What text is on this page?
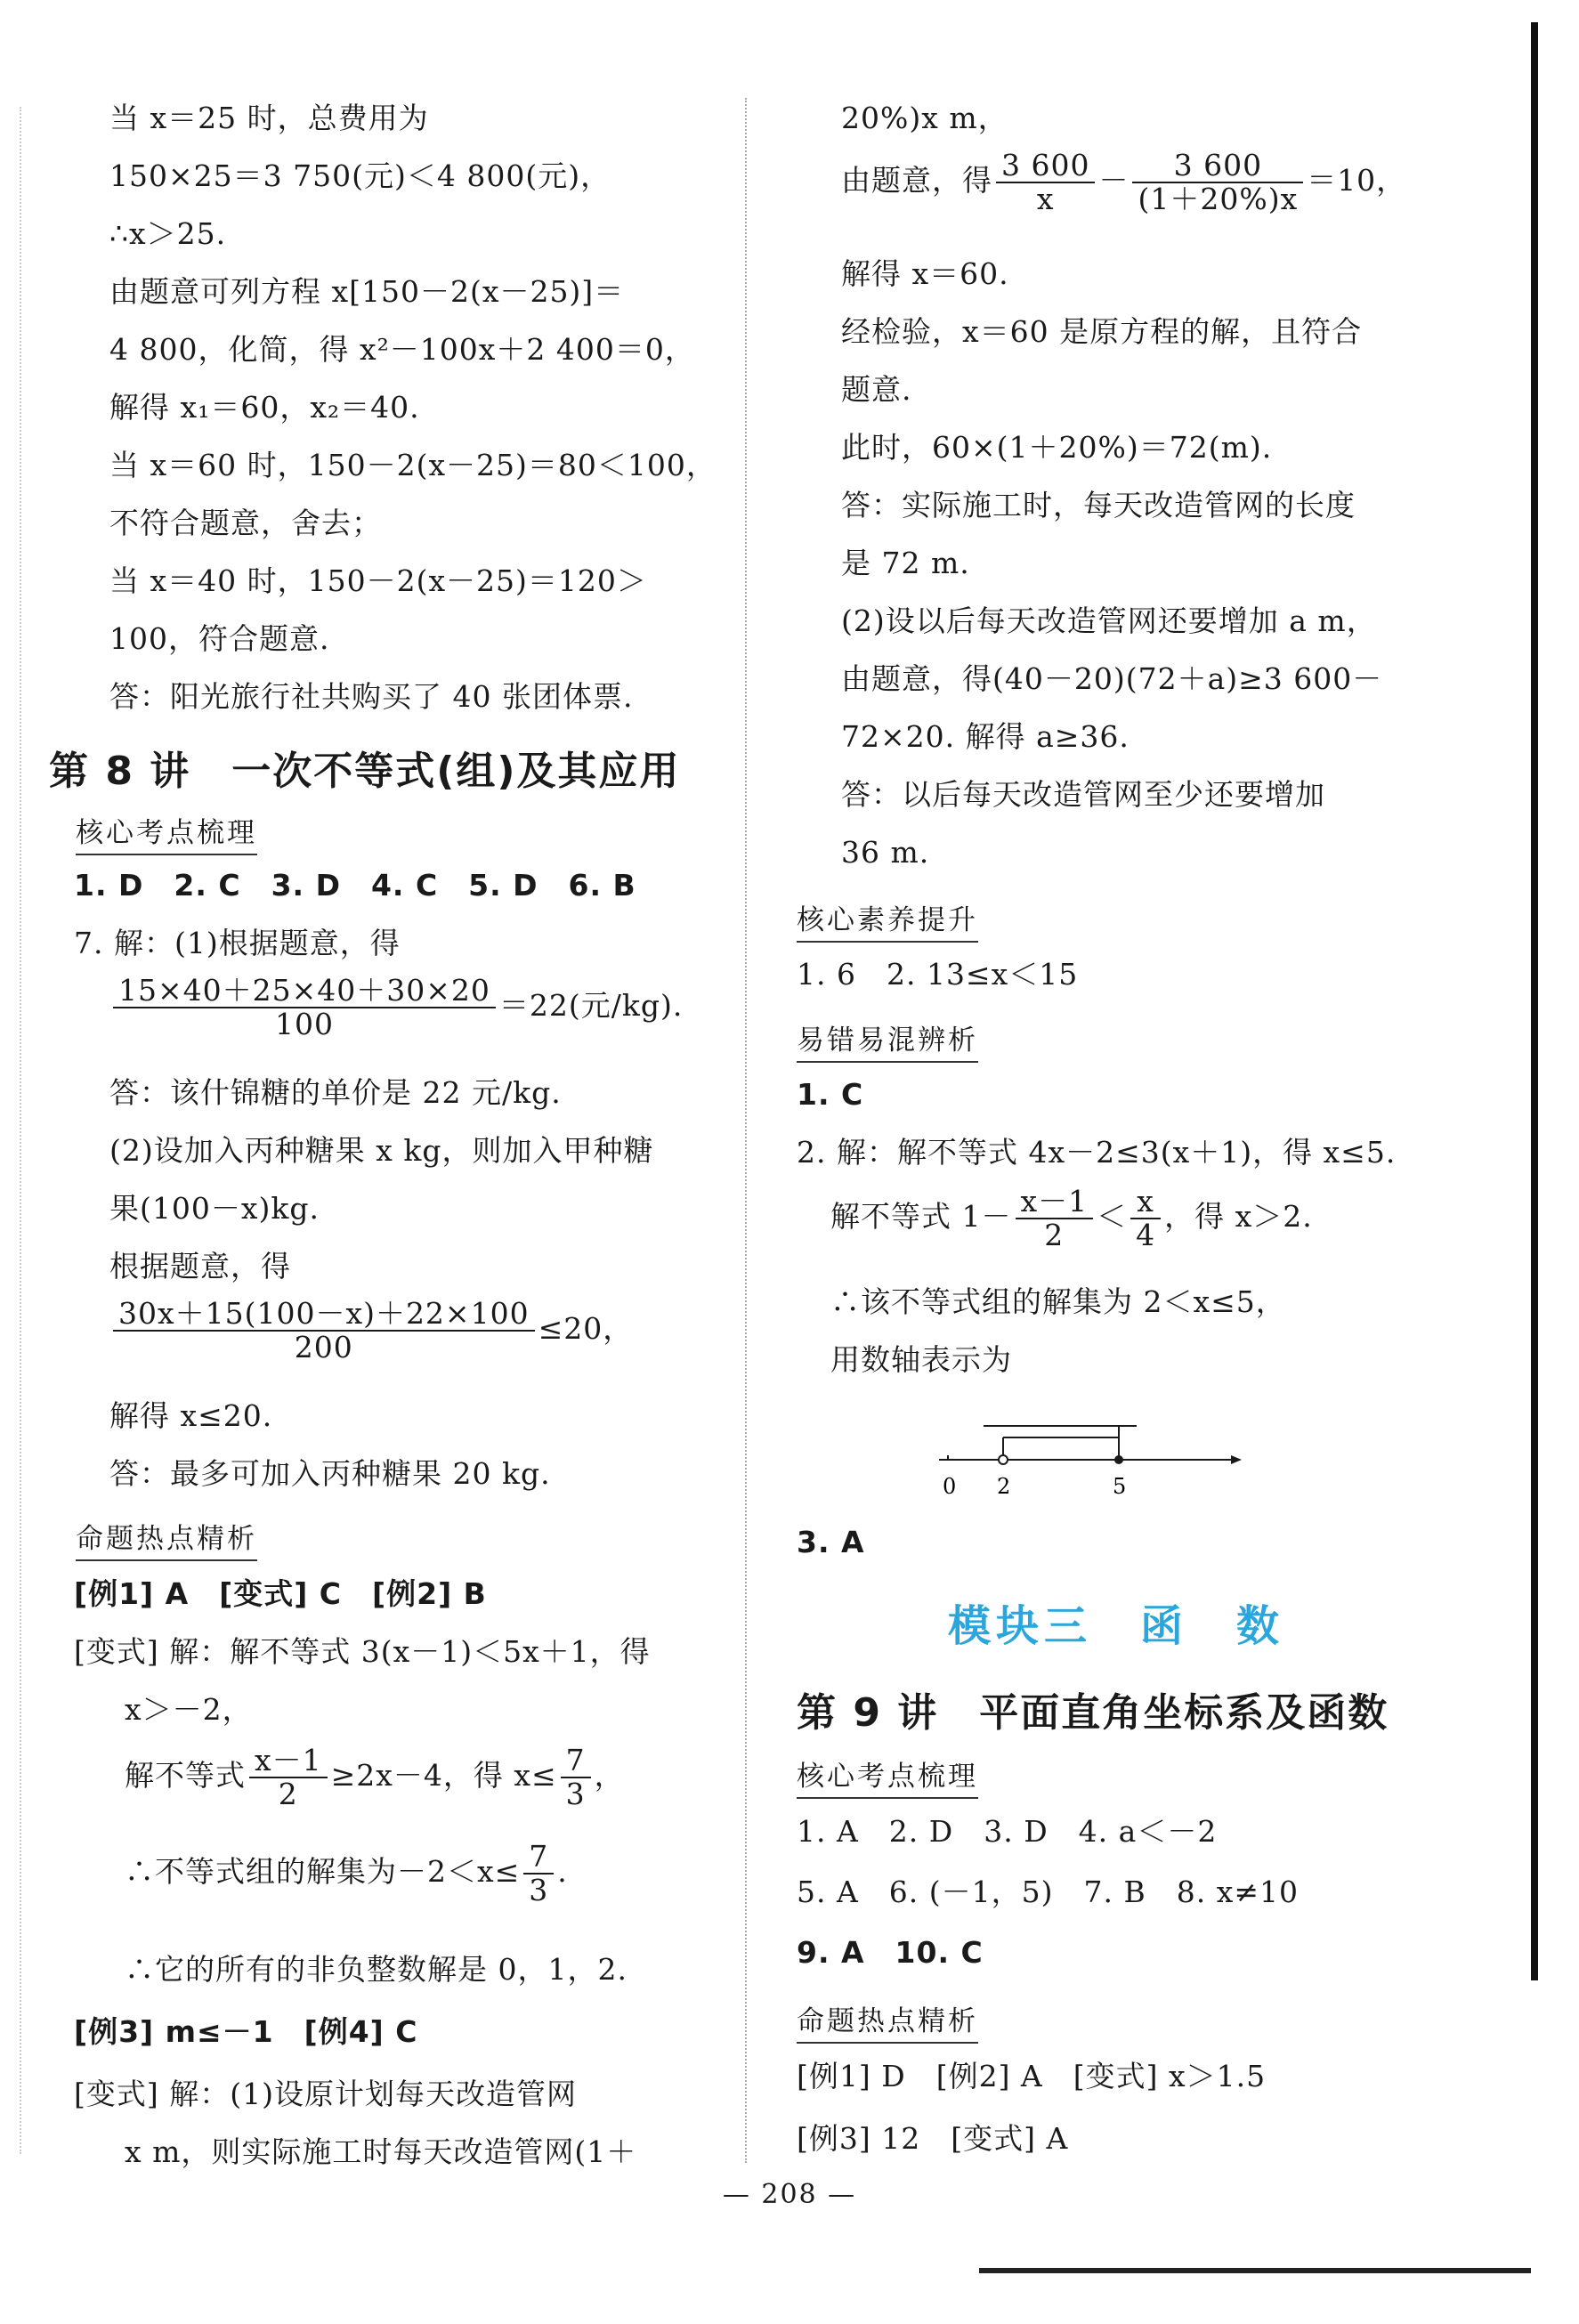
当 x＝25 时，总费用为
150×25＝3 750(元)＜4 800(元)，
∴x＞25.
由题意可列方程 x[150－2(x－25)]＝
4 800，化简，得 x²－100x＋2 400＝0，
解得 x₁＝60，x₂＝40.
当 x＝60 时，150－2(x－25)＝80＜100，
不符合题意，舍去；
当 x＝40 时，150－2(x－25)＝120＞
100，符合题意.
答：阳光旅行社共购买了 40 张团体票.
第 8 讲　一次不等式(组)及其应用
核心考点梳理
1. D　2. C　3. D　4. C　5. D　6. B
7. 解：(1)根据题意，得
$\frac{15\times 40+25\times 40+30\times 20}{100} =22$(元/kg).
答：该什锦糖的单价是 22 元/kg.
(2)设加入丙种糖果 x kg，则加入甲种糖
果(100－x)kg.
根据题意，得
$\frac{30x+15(100-x)+22\times 100}{200} \le 20$，
解得 x≤20.
答：最多可加入丙种糖果 20 kg.
命题热点精析
[例1] A　[变式] C　[例2] B
[变式] 解：解不等式 3(x－1)＜5x＋1，得
x＞－2，
解不等式 $\frac{x-1}{2} \ge 2x-4$，得 $x\le \frac{7}{3}$ ，
∴不等式组的解集为$-2<x\le \frac{7}{3}$ .
∴它的所有的非负整数解是 0，1，2.
[例3] m≤－1　[例4] C
[变式] 解：(1)设原计划每天改造管网
x m，则实际施工时每天改造管网(1＋
20%)x m，
由题意，得 $\frac{3 600}{x} - \frac{3 600}{(1+20\%)x} =10$，
解得 x＝60.
经检验，x＝60 是原方程的解，且符合
题意.
此时，60×(1＋20%)＝72(m).
答：实际施工时，每天改造管网的长度
是 72 m.
(2)设以后每天改造管网还要增加 a m，
由题意，得(40－20)(72＋a)≥3 600－
72×20. 解得 a≥36.
答：以后每天改造管网至少还要增加
36 m.
核心素养提升
1. 6　2. 13≤x＜15
易错易混辨析
1. C
2. 解：解不等式 4x－2≤3(x＋1)，得 x≤5.
解不等式 $1- \frac{x-1}{2} < \frac{x}{4}$ ，得 x＞2.
∴该不等式组的解集为 2＜x≤5，
用数轴表示为
0 2	5
3. A
模块三　函　数
第 9 讲　平面直角坐标系及函数
核心考点梳理
1. A　2. D　3. D　4. a＜－2
5. A　6. (－1，5)　7. B　8. x≠10
9. A　10. C
命题热点精析
[例1] D　[例2] A　[变式] x＞1.5
[例3] 12　[变式] A
— 208 —
